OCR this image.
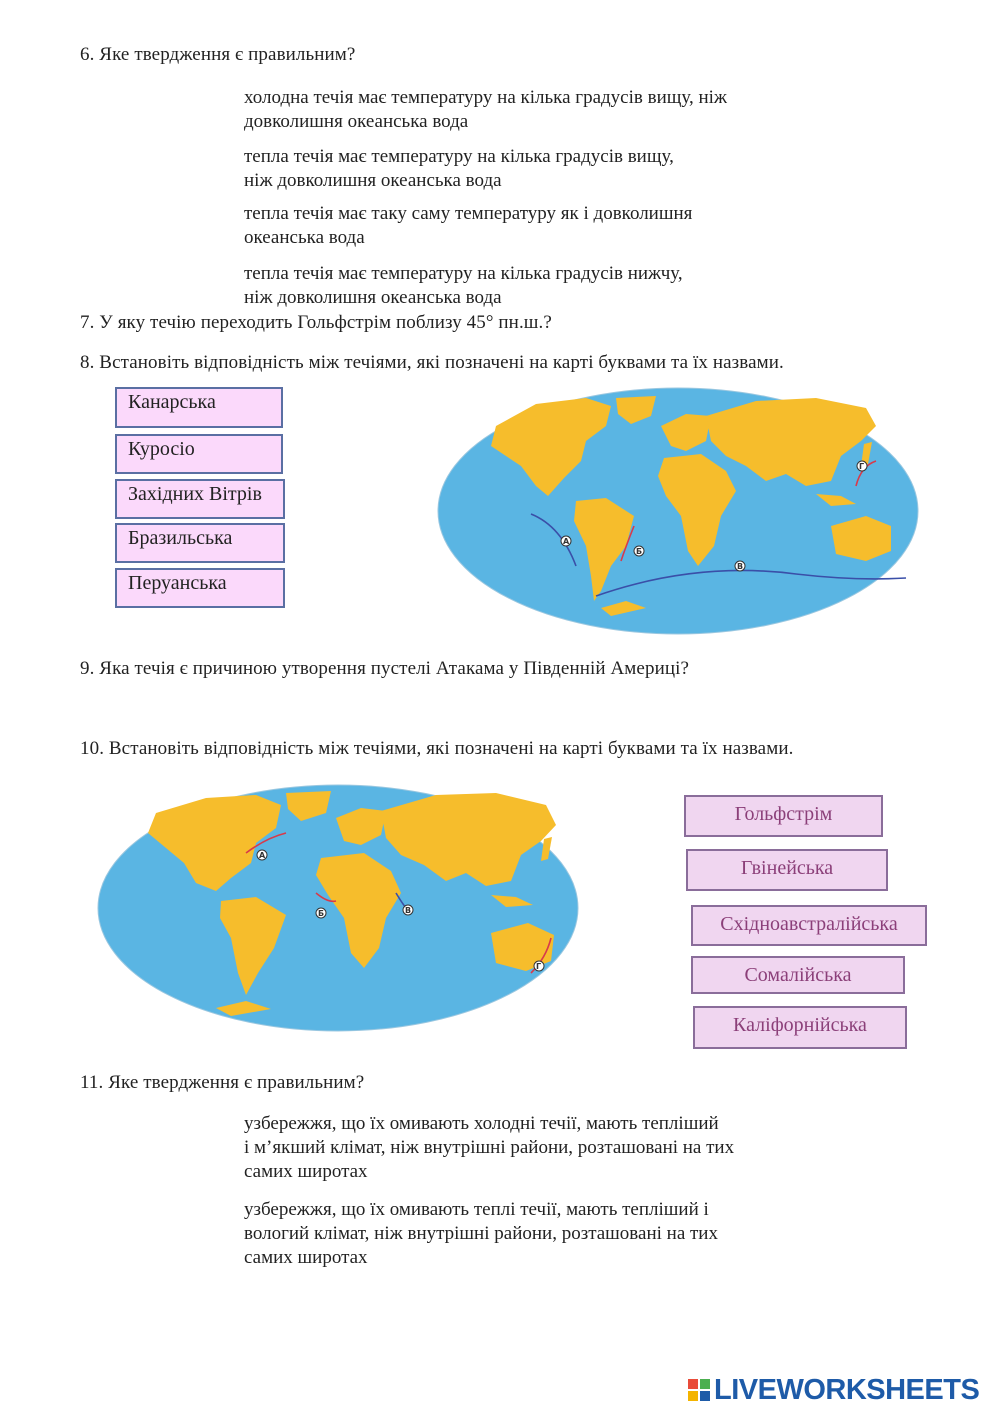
6. Яке твердження є правильним?
холодна течія має температуру на кілька градусів вищу, ніж
довколишня океанська вода
тепла течія має температуру на кілька градусів вищу,
ніж довколишня океанська вода
тепла течія має таку саму температуру як і довколишня
океанська вода
тепла течія має температуру на кілька градусів нижчу,
ніж довколишня океанська вода
7. У яку течію переходить Гольфстрім поблизу 45° пн.ш.?
8. Встановіть відповідність між течіями, які позначені на карті буквами та їх назвами.
Канарська
Куросіо
Західних Вітрів
Бразильська
Перуанська
А
Б
В
Г
9. Яка течія є причиною утворення пустелі Атакама у Південній Америці?
10. Встановіть відповідність між течіями, які позначені на карті буквами та їх назвами.
А
Б	В
Г
Гольфстрім
Гвінейська
Східноавстралійська
Сомалійська
Каліфорнійська
11. Яке твердження є правильним?
узбережжя, що їх омивають холодні течії, мають тепліший
і м’якший клімат, ніж внутрішні райони, розташовані на тих
самих широтах
узбережжя, що їх омивають теплі течії, мають тепліший і
вологий клімат, ніж внутрішні райони, розташовані на тих
самих широтах
LIVEWORKSHEETS
